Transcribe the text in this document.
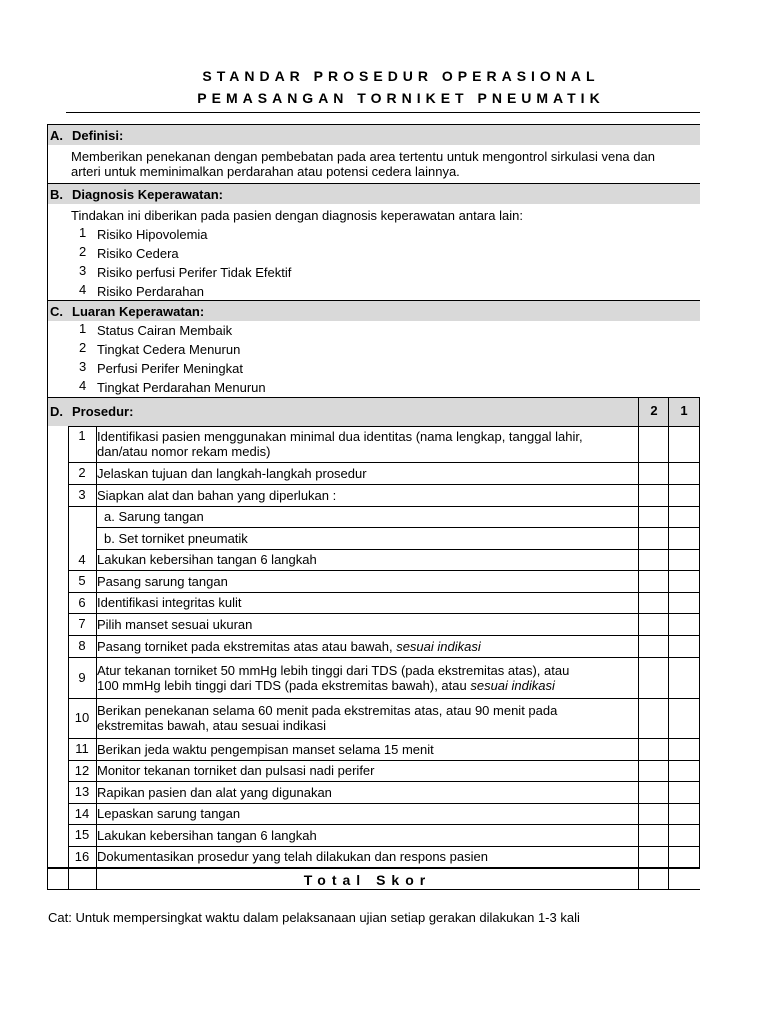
STANDAR PROSEDUR OPERASIONAL
PEMASANGAN TORNIKET PNEUMATIK
A. Definisi:
Memberikan penekanan dengan pembebatan pada area tertentu untuk mengontrol sirkulasi vena dan
arteri untuk meminimalkan perdarahan atau potensi cedera lainnya.
B. Diagnosis Keperawatan:
Tindakan ini diberikan pada pasien dengan diagnosis keperawatan antara lain:
1 Risiko Hipovolemia
2 Risiko Cedera
3 Risiko perfusi Perifer Tidak Efektif
4 Risiko Perdarahan
C. Luaran Keperawatan:
1 Status Cairan Membaik
2 Tingkat Cedera Menurun
3 Perfusi Perifer Meningkat
4 Tingkat Perdarahan Menurun
D. Prosedur:	2	1
1 Identifikasi pasien menggunakan minimal dua identitas (nama lengkap, tanggal lahir,
dan/atau nomor rekam medis)
2 Jelaskan tujuan dan langkah-langkah prosedur
3 Siapkan alat dan bahan yang diperlukan :
a. Sarung tangan
b. Set torniket pneumatik
4 Lakukan kebersihan tangan 6 langkah
5 Pasang sarung tangan
6 Identifikasi integritas kulit
7 Pilih manset sesuai ukuran
8 Pasang torniket pada ekstremitas atas atau bawah, sesuai indikasi
9 Atur tekanan torniket 50 mmHg lebih tinggi dari TDS (pada ekstremitas atas), atau
100 mmHg lebih tinggi dari TDS (pada ekstremitas bawah), atau sesuai indikasi
10 Berikan penekanan selama 60 menit pada ekstremitas atas, atau 90 menit pada
ekstremitas bawah, atau sesuai indikasi
11 Berikan jeda waktu pengempisan manset selama 15 menit
12 Monitor tekanan torniket dan pulsasi nadi perifer
13 Rapikan pasien dan alat yang digunakan
14 Lepaskan sarung tangan
15 Lakukan kebersihan tangan 6 langkah
16 Dokumentasikan prosedur yang telah dilakukan dan respons pasien
Total Skor
Cat: Untuk mempersingkat waktu dalam pelaksanaan ujian setiap gerakan dilakukan 1-3 kali
